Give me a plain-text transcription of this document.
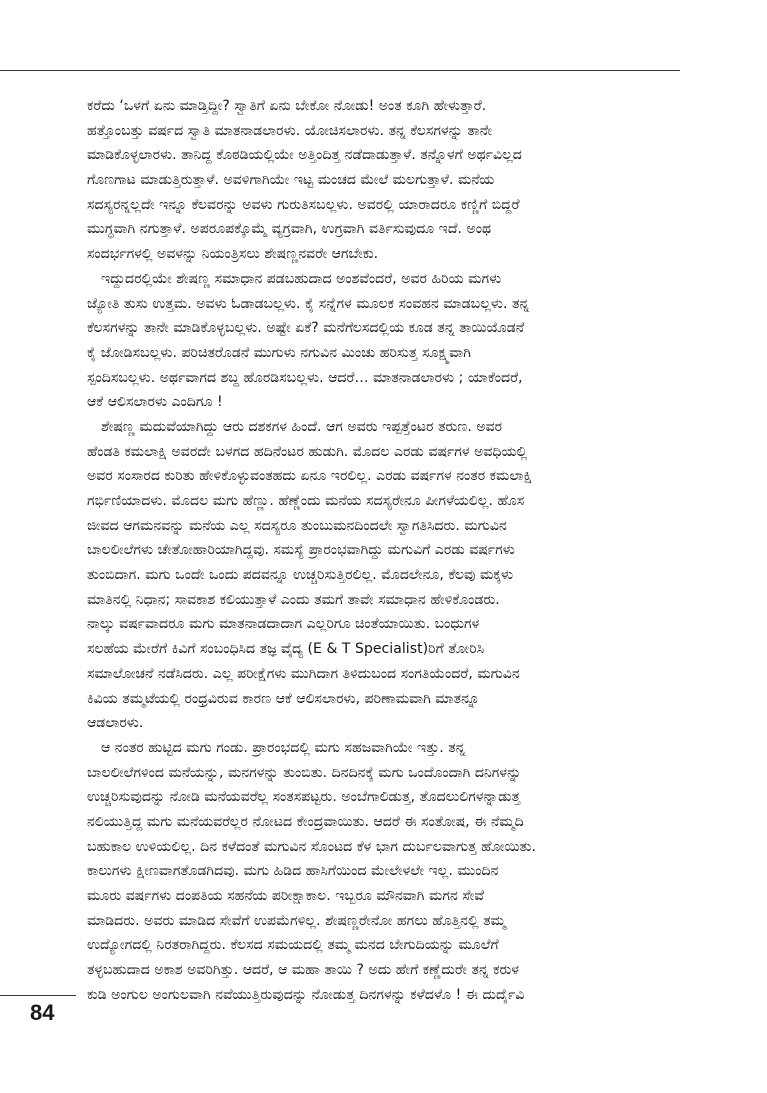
ಕರೆದು ‘ಒಳಗೆ ಏನು ಮಾಡ್ತಿದ್ದೀ? ಸ್ವಾತಿಗೆ ಏನು ಬೇಕೋ ನೋಡು! ಅಂತ ಕೂಗಿ ಹೇಳುತ್ತಾರೆ.
ಹತ್ತೊಂಬತ್ತು ವರ್ಷದ ಸ್ವಾತಿ ಮಾತನಾಡಲಾರಳು. ಯೋಚಿಸಲಾರಳು. ತನ್ನ ಕೆಲಸಗಳನ್ನು ತಾನೇ
ಮಾಡಿಕೊಳ್ಳಲಾರಳು. ತಾನಿದ್ದ ಕೊಠಡಿಯಲ್ಲಿಯೇ ಅತ್ತಿಂದಿತ್ತ ನಡೆದಾಡುತ್ತಾಳೆ. ತನ್ನೊಳಗೆ ಅರ್ಥವಿಲ್ಲದ
ಗೊಣಗಾಟ ಮಾಡುತ್ತಿರುತ್ತಾಳೆ. ಅವಳಿಗಾಗಿಯೇ ಇಟ್ಟ ಮಂಚದ ಮೇಲೆ ಮಲಗುತ್ತಾಳೆ. ಮನೆಯ
ಸದಸ್ಯರನ್ನಲ್ಲದೇ ಇನ್ನೂ ಕೆಲವರನ್ನು ಅವಳು ಗುರುತಿಸಬಲ್ಲಳು. ಅವರಲ್ಲಿ ಯಾರಾದರೂ ಕಣ್ಣಿಗೆ ಬಿದ್ದರೆ
ಮುಗ್ಧವಾಗಿ ನಗುತ್ತಾಳೆ. ಅಪರೂಪಕ್ಕೊಮ್ಮೆ ವ್ಯಗ್ರವಾಗಿ, ಉಗ್ರವಾಗಿ ವರ್ತಿಸುವುದೂ ಇದೆ. ಅಂಥ
ಸಂದರ್ಭಗಳಲ್ಲಿ ಅವಳನ್ನು ನಿಯಂತ್ರಿಸಲು ಶೇಷಣ್ಣನವರೇ ಆಗಬೇಕು.
ಇದ್ದುದರಲ್ಲಿಯೇ ಶೇಷಣ್ಣ ಸಮಾಧಾನ ಪಡಬಹುದಾದ ಅಂಶವೆಂದರೆ, ಅವರ ಹಿರಿಯ ಮಗಳು
ಜ್ಯೋತಿ ತುಸು ಉತ್ತಮ. ಅವಳು ಓಡಾಡಬಲ್ಲಳು. ಕೈ ಸನ್ನೆಗಳ ಮೂಲಕ ಸಂವಹನ ಮಾಡಬಲ್ಲಳು. ತನ್ನ
ಕೆಲಸಗಳನ್ನು ತಾನೇ ಮಾಡಿಕೊಳ್ಳಬಲ್ಲಳು. ಅಷ್ಟೇ ಏಕೆ? ಮನೆಗೆಲಸದಲ್ಲಿಯ ಕೂಡ ತನ್ನ ತಾಯಿಯೊಡನೆ
ಕೈ ಜೋಡಿಸಬಲ್ಲಳು. ಪರಿಚಿತರೊಡನೆ ಮುಗುಳು ನಗುವಿನ ಮಿಂಚು ಹರಿಸುತ್ತ ಸೂಕ್ಷ್ಮವಾಗಿ
ಸ್ಪಂದಿಸಬಲ್ಲಳು. ಅರ್ಥವಾಗದ ಶಬ್ದ ಹೊರಡಿಸಬಲ್ಲಳು. ಆದರೆ… ಮಾತನಾಡಲಾರಳು ; ಯಾಕೆಂದರೆ,
ಆಕೆ ಆಲಿಸಲಾರಳು ಎಂದಿಗೂ !
ಶೇಷಣ್ಣ ಮದುವೆಯಾಗಿದ್ದು ಆರು ದಶಕಗಳ ಹಿಂದೆ. ಆಗ ಅವರು ಇಪ್ಪತ್ತೆಂಟರ ತರುಣ. ಅವರ
ಹೆಂಡತಿ ಕಮಲಾಕ್ಷಿ ಅವರದೇ ಬಳಗದ ಹದಿನೆಂಟರ ಹುಡುಗಿ. ಮೊದಲ ಎರಡು ವರ್ಷಗಳ ಅವಧಿಯಲ್ಲಿ
ಅವರ ಸಂಸಾರದ ಕುರಿತು ಹೇಳಿಕೊಳ್ಳುವಂತಹದು ಏನೂ ಇರಲಿಲ್ಲ. ಎರಡು ವರ್ಷಗಳ ನಂತರ ಕಮಲಾಕ್ಷಿ
ಗರ್ಭಿಣಿಯಾದಳು. ಮೊದಲ ಮಗು ಹೆಣ್ಣು. ಹೆಣ್ಣೆಂದು ಮನೆಯ ಸದಸ್ಯರೇನೂ ಪೀಗಳೆಯಲಿಲ್ಲ. ಹೊಸ
ಜೀವದ ಆಗಮನವನ್ನು ಮನೆಯ ಎಲ್ಲ ಸದಸ್ಯರೂ ತುಂಬುಮನದಿಂದಲೇ ಸ್ವಾಗತಿಸಿದರು. ಮಗುವಿನ
ಬಾಲಲೀಲೆಗಳು ಚೇತೋಹಾರಿಯಾಗಿದ್ದವು. ಸಮಸ್ಯೆ ಪ್ರಾರಂಭವಾಗಿದ್ದು ಮಗುವಿಗೆ ಎರಡು ವರ್ಷಗಳು
ತುಂಬಿದಾಗ. ಮಗು ಒಂದೇ ಒಂದು ಪದವನ್ನೂ ಉಚ್ಚರಿಸುತ್ತಿರಲಿಲ್ಲ. ಮೊದಲೇನೂ, ಕೆಲವು ಮಕ್ಕಳು
ಮಾತಿನಲ್ಲಿ ನಿಧಾನ; ಸಾವಕಾಶ ಕಲಿಯುತ್ತಾಳೆ ಎಂದು ತಮಗೆ ತಾವೇ ಸಮಾಧಾನ ಹೇಳಿಕೊಂಡರು.
ನಾಲ್ಕು ವರ್ಷವಾದರೂ ಮಗು ಮಾತನಾಡದಾದಾಗ ಎಲ್ಲರಿಗೂ ಚಿಂತೆಯಾಯಿತು. ಬಂಧುಗಳ
ಸಲಹೆಯ ಮೇರೆಗೆ ಕಿವಿಗೆ ಸಂಬಂಧಿಸಿದ ತಜ್ಞ ವೈದ್ಯ (E & T Specialist)ರಿಗೆ ತೋರಿಸಿ
ಸಮಾಲೋಚನೆ ನಡೆಸಿದರು. ಎಲ್ಲ ಪರೀಕ್ಷೆಗಳು ಮುಗಿದಾಗ ತಿಳಿದುಬಂದ ಸಂಗತಿಯೆಂದರೆ, ಮಗುವಿನ
ಕಿವಿಯ ತಮ್ಮಟೆಯಲ್ಲಿ ರಂಧ್ರವಿರುವ ಕಾರಣ ಆಕೆ ಆಲಿಸಲಾರಳು, ಪರಿಣಾಮವಾಗಿ ಮಾತನ್ನೂ
ಆಡಲಾರಳು.
ಆ ನಂತರ ಹುಟ್ಟಿದ ಮಗು ಗಂಡು. ಪ್ರಾರಂಭದಲ್ಲಿ ಮಗು ಸಹಜವಾಗಿಯೇ ಇತ್ತು. ತನ್ನ
ಬಾಲಲೀಲೆಗಳಿಂದ ಮನೆಯನ್ನು, ಮನಗಳನ್ನು ತುಂಬಿತು. ದಿನದಿನಕ್ಕೆ ಮಗು ಒಂದೊಂದಾಗಿ ದನಿಗಳನ್ನು
ಉಚ್ಚರಿಸುವುದನ್ನು ನೋಡಿ ಮನೆಯವರೆಲ್ಲ ಸಂತಸಪಟ್ಟರು. ಅಂಬೆಗಾಲಿಡುತ್ತ, ತೊದಲುಲಿಗಳನ್ನಾಡುತ್ತ
ನಲಿಯುತ್ತಿದ್ದ ಮಗು ಮನೆಯವರೆಲ್ಲರ ನೋಟದ ಕೇಂದ್ರವಾಯಿತು. ಆದರೆ ಈ ಸಂತೋಷ, ಈ ನೆಮ್ಮದಿ
ಬಹುಕಾಲ ಉಳಿಯಲಿಲ್ಲ. ದಿನ ಕಳೆದಂತೆ ಮಗುವಿನ ಸೊಂಟದ ಕೆಳ ಭಾಗ ದುರ್ಬಲವಾಗುತ್ತ ಹೋಯಿತು.
ಕಾಲುಗಳು ಕ್ಷೀಣವಾಗತೊಡಗಿದವು. ಮಗು ಹಿಡಿದ ಹಾಸಿಗೆಯಿಂದ ಮೇಲೇಳಲೇ ಇಲ್ಲ. ಮುಂದಿನ
ಮೂರು ವರ್ಷಗಳು ದಂಪತಿಯ ಸಹನೆಯ ಪರೀಕ್ಷಾಕಾಲ. ಇಬ್ಬರೂ ಮೌನವಾಗಿ ಮಗನ ಸೇವೆ
ಮಾಡಿದರು. ಅವರು ಮಾಡಿದ ಸೇವೆಗೆ ಉಪಮೆಗಳಿಲ್ಲ. ಶೇಷಣ್ಣರೇನೋ ಹಗಲು ಹೊತ್ತಿನಲ್ಲಿ ತಮ್ಮ
ಉದ್ಯೋಗದಲ್ಲಿ ನಿರತರಾಗಿದ್ದರು. ಕೆಲಸದ ಸಮಯದಲ್ಲಿ ತಮ್ಮ ಮನದ ಬೇಗುದಿಯನ್ನು ಮೂಲೆಗೆ
ತಳ್ಳಬಹುದಾದ ಅಕಾಶ ಅವರಿಗಿತ್ತು. ಆದರೆ, ಆ ಮಹಾ ತಾಯಿ ? ಅದು ಹೇಗೆ ಕಣ್ಣೆದುರೇ ತನ್ನ ಕರುಳ
ಕುಡಿ ಅಂಗುಲ ಅಂಗುಲವಾಗಿ ನವೆಯುತ್ತಿರುವುದನ್ನು ನೋಡುತ್ತ ದಿನಗಳನ್ನು ಕಳೆದಳೊ ! ಈ ದುರ್ದೈವಿ
84
